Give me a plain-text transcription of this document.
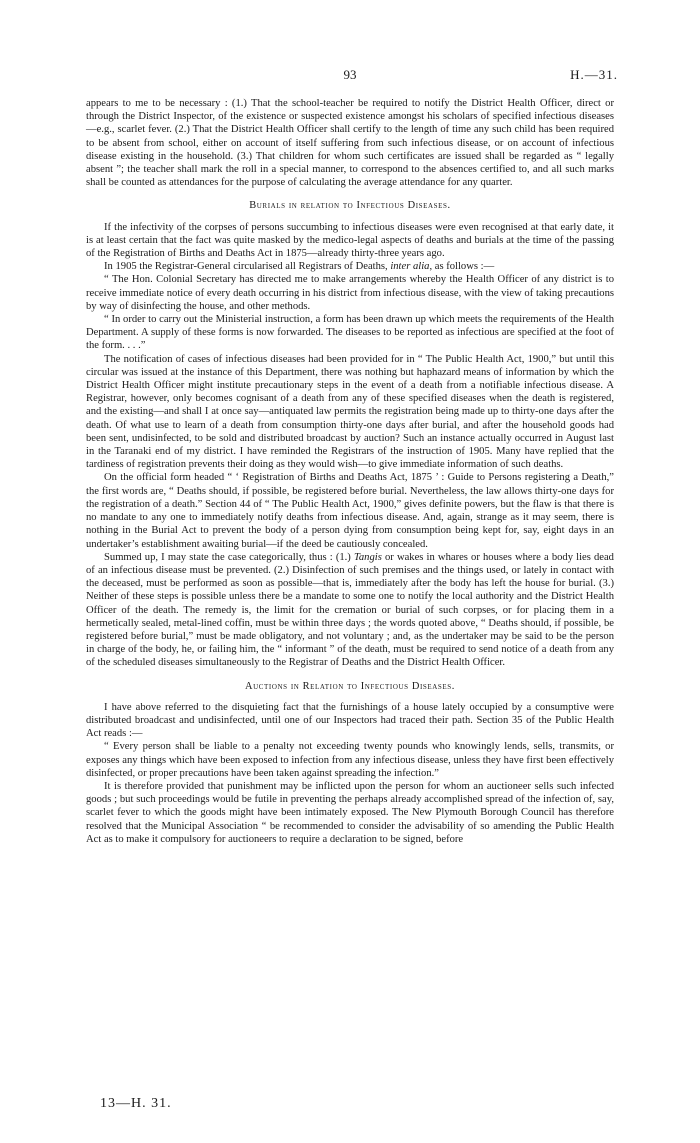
93	H.—31.

appears to me to be necessary : (1.) That the school-teacher be required to notify the District Health Officer, direct or through the District Inspector, of the existence or suspected existence amongst his scholars of specified infectious diseases—e.g., scarlet fever. (2.) That the District Health Officer shall certify to the length of time any such child has been required to be absent from school, either on account of itself suffering from such infectious disease, or on account of infectious disease existing in the household. (3.) That children for whom such certificates are issued shall be regarded as “ legally absent ”; the teacher shall mark the roll in a special manner, to correspond to the absences certified to, and all such marks shall be counted as attendances for the purpose of calculating the average attendance for any quarter.

Burials in relation to Infectious Diseases.

If the infectivity of the corpses of persons succumbing to infectious diseases were even recognised at that early date, it is at least certain that the fact was quite masked by the medico-legal aspects of deaths and burials at the time of the passing of the Registration of Births and Deaths Act in 1875—already thirty-three years ago.

In 1905 the Registrar-General circularised all Registrars of Deaths, inter alia, as follows :—

“ The Hon. Colonial Secretary has directed me to make arrangements whereby the Health Officer of any district is to receive immediate notice of every death occurring in his district from infectious disease, with the view of taking precautions by way of disinfecting the house, and other methods.

“ In order to carry out the Ministerial instruction, a form has been drawn up which meets the requirements of the Health Department. A supply of these forms is now forwarded. The diseases to be reported as infectious are specified at the foot of the form. . . .”

The notification of cases of infectious diseases had been provided for in “ The Public Health Act, 1900,” but until this circular was issued at the instance of this Department, there was nothing but haphazard means of information by which the District Health Officer might institute precautionary steps in the event of a death from a notifiable infectious disease. A Registrar, however, only becomes cognisant of a death from any of these specified diseases when the death is registered, and the existing—and shall I at once say—antiquated law permits the registration being made up to thirty-one days after the death. Of what use to learn of a death from consumption thirty-one days after burial, and after the household goods had been sent, undisinfected, to be sold and distributed broadcast by auction? Such an instance actually occurred in August last in the Taranaki end of my district. I have reminded the Registrars of the instruction of 1905. Many have replied that the tardiness of registration prevents their doing as they would wish—to give immediate information of such deaths.

On the official form headed “ ‘ Registration of Births and Deaths Act, 1875 ’ : Guide to Persons registering a Death,” the first words are, “ Deaths should, if possible, be registered before burial. Nevertheless, the law allows thirty-one days for the registration of a death.” Section 44 of “ The Public Health Act, 1900,” gives definite powers, but the flaw is that there is no mandate to any one to immediately notify deaths from infectious disease. And, again, strange as it may seem, there is nothing in the Burial Act to prevent the body of a person dying from consumption being kept for, say, eight days in an undertaker’s establishment awaiting burial—if the deed be cautiously concealed.

Summed up, I may state the case categorically, thus : (1.) Tangis or wakes in whares or houses where a body lies dead of an infectious disease must be prevented. (2.) Disinfection of such premises and the things used, or lately in contact with the deceased, must be performed as soon as possible—that is, immediately after the body has left the house for burial. (3.) Neither of these steps is possible unless there be a mandate to some one to notify the local authority and the District Health Officer of the death. The remedy is, the limit for the cremation or burial of such corpses, or for placing them in a hermetically sealed, metal-lined coffin, must be within three days ; the words quoted above, “ Deaths should, if possible, be registered before burial,” must be made obligatory, and not voluntary ; and, as the undertaker may be said to be the person in charge of the body, he, or failing him, the “ informant ” of the death, must be required to send notice of a death from any of the scheduled diseases simultaneously to the Registrar of Deaths and the District Health Officer.

Auctions in Relation to Infectious Diseases.

I have above referred to the disquieting fact that the furnishings of a house lately occupied by a consumptive were distributed broadcast and undisinfected, until one of our Inspectors had traced their path. Section 35 of the Public Health Act reads :—

“ Every person shall be liable to a penalty not exceeding twenty pounds who knowingly lends, sells, transmits, or exposes any things which have been exposed to infection from any infectious disease, unless they have first been effectively disinfected, or proper precautions have been taken against spreading the infection.”

It is therefore provided that punishment may be inflicted upon the person for whom an auctioneer sells such infected goods ; but such proceedings would be futile in preventing the perhaps already accomplished spread of the infection of, say, scarlet fever to which the goods might have been intimately exposed. The New Plymouth Borough Council has therefore resolved that the Municipal Association “ be recommended to consider the advisability of so amending the Public Health Act as to make it compulsory for auctioneers to require a declaration to be signed, before

13—H. 31.
